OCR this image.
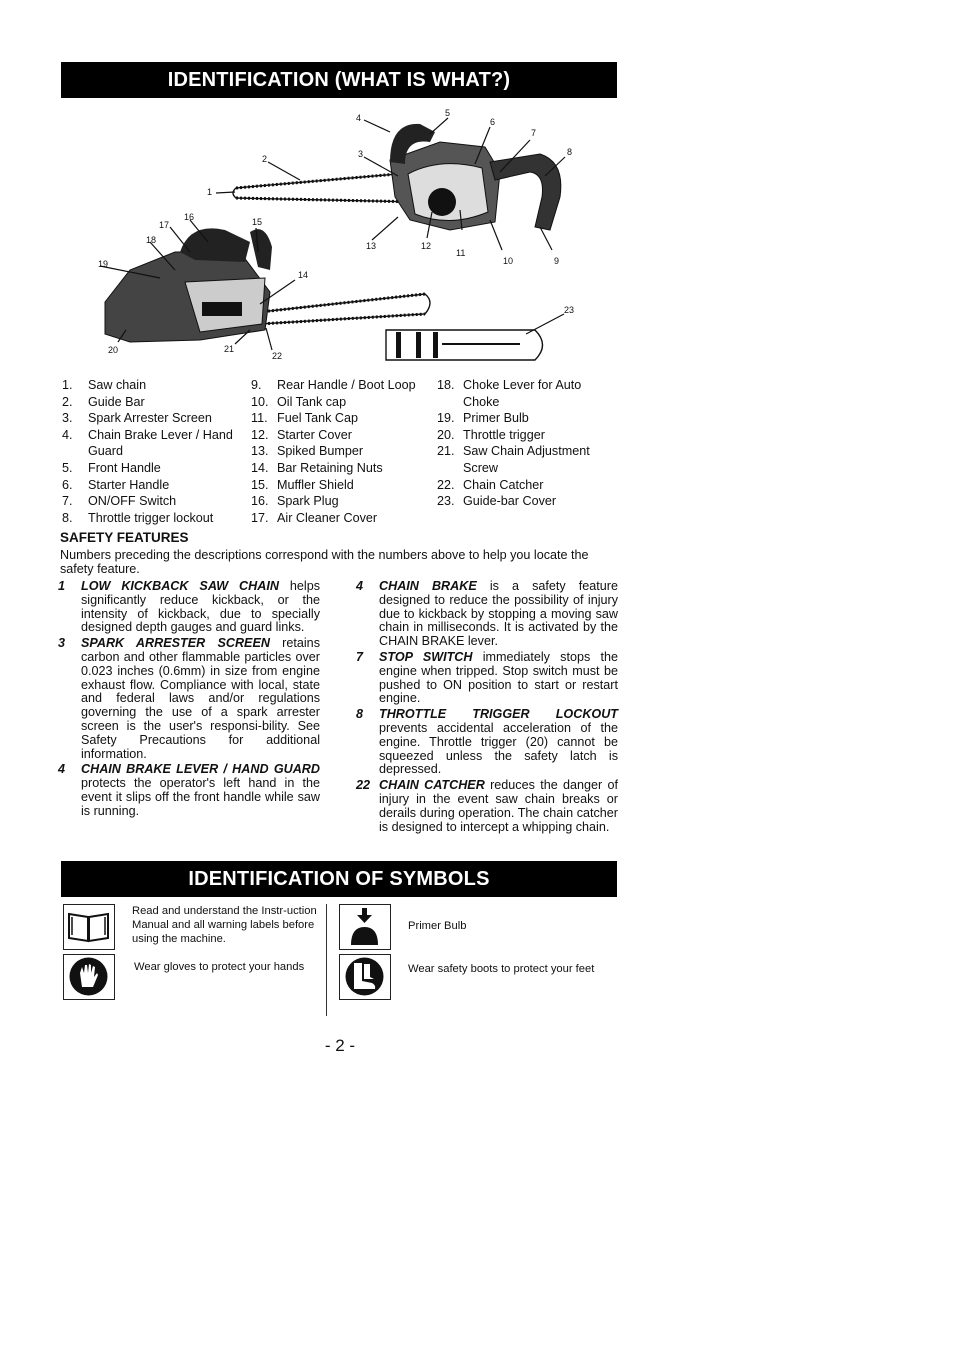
IDENTIFICATION (WHAT IS WHAT?)
1
2	3
4	5
6
7
8
9
10
11
12
13
14
15
16
17
18
19
20	21
22
23
1.	Saw chain
2.	Guide Bar
3.	Spark Arrester Screen
4.	Chain Brake Lever / Hand Guard
5.	Front Handle
6.	Starter Handle
7.	ON/OFF Switch
8.	Throttle trigger lockout
9.	Rear Handle / Boot Loop
10. Oil Tank cap
11. Fuel Tank Cap
12. Starter Cover
13. Spiked Bumper
14. Bar Retaining Nuts
15. Muffler Shield
16. Spark Plug
17. Air Cleaner Cover
18. Choke Lever for Auto Choke
19. Primer Bulb
20. Throttle trigger
21. Saw Chain Adjustment Screw
22. Chain Catcher
23. Guide-bar Cover
SAFETY FEATURES
Numbers preceding the descriptions correspond with the numbers above to help you locate the safety feature.
1	LOW KICKBACK SAW CHAIN helps significantly reduce kickback, or the intensity of kickback, due to specially designed depth gauges and guard links.
3	SPARK ARRESTER SCREEN retains carbon and other flammable particles over 0.023 inches (0.6mm) in size from engine exhaust flow. Compliance with local, state and federal laws and/or regulations governing the use of a spark arrester screen is the user's responsi-bility. See Safety Precautions for additional information.
4	CHAIN BRAKE LEVER / HAND GUARD protects the operator's left hand in the event it slips off the front handle while saw is running.
4	CHAIN BRAKE is a safety feature designed to reduce the possibility of injury due to kickback by stopping a moving saw chain in milliseconds. It is activated by the CHAIN BRAKE lever.
7	STOP SWITCH immediately stops the engine when tripped. Stop switch must be pushed to ON position to start or restart engine.
8	THROTTLE TRIGGER LOCKOUT prevents accidental acceleration of the engine. Throttle trigger (20) cannot be squeezed unless the safety latch is depressed.
22 CHAIN CATCHER reduces the danger of injury in the event saw chain breaks or derails during operation. The chain catcher is designed to intercept a whipping chain.
IDENTIFICATION OF SYMBOLS
Read and understand the Instr-uction Manual and all warning labels before using the machine.
Wear gloves to protect your hands
Primer Bulb
Wear safety boots to protect your feet
- 2 -
